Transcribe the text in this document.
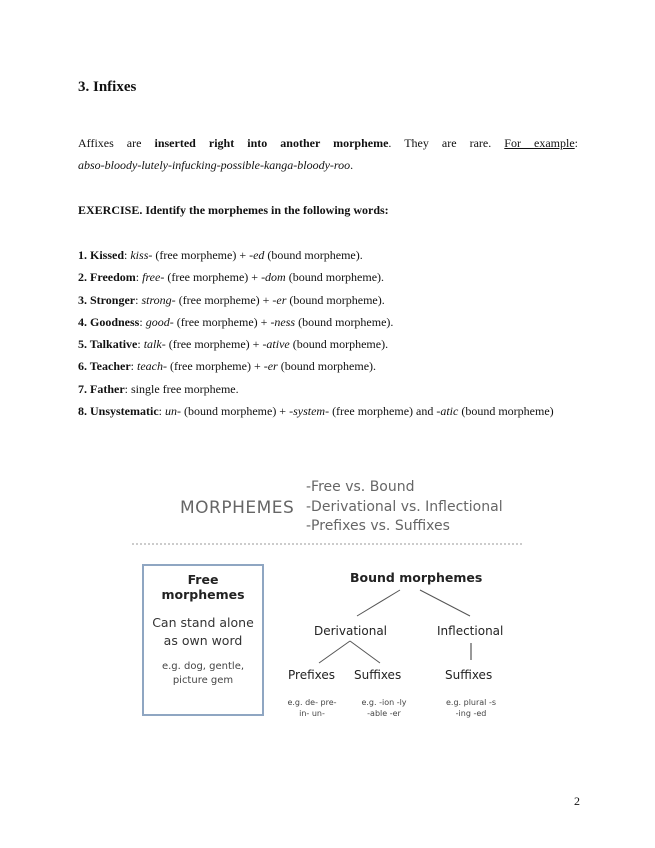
3. Infixes
Affixes are inserted right into another morpheme. They are rare. For example:
abso-bloody-lutely-infucking-possible-kanga-bloody-roo.
EXERCISE. Identify the morphemes in the following words:
1. Kissed: kiss- (free morpheme) + -ed (bound morpheme).
2. Freedom: free- (free morpheme) + -dom (bound morpheme).
3. Stronger: strong- (free morpheme) + -er (bound morpheme).
4. Goodness: good- (free morpheme) + -ness (bound morpheme).
5. Talkative: talk- (free morpheme) + -ative (bound morpheme).
6. Teacher: teach- (free morpheme) + -er (bound morpheme).
7. Father: single free morpheme.
8. Unsystematic: un- (bound morpheme) + -system- (free morpheme) and -atic (bound morpheme)
MORPHEMES
-Free vs. Bound
-Derivational vs. Inflectional
-Prefixes vs. Suffixes
Free morphemes
Can stand alone as own word
e.g. dog, gentle, picture gem
Bound morphemes
Derivational	Inflectional
Prefixes Suffixes	Suffixes
e.g. de- pre-
in- un-
e.g. -ion -ly
-able -er
e.g. plural -s
-ing -ed
2
